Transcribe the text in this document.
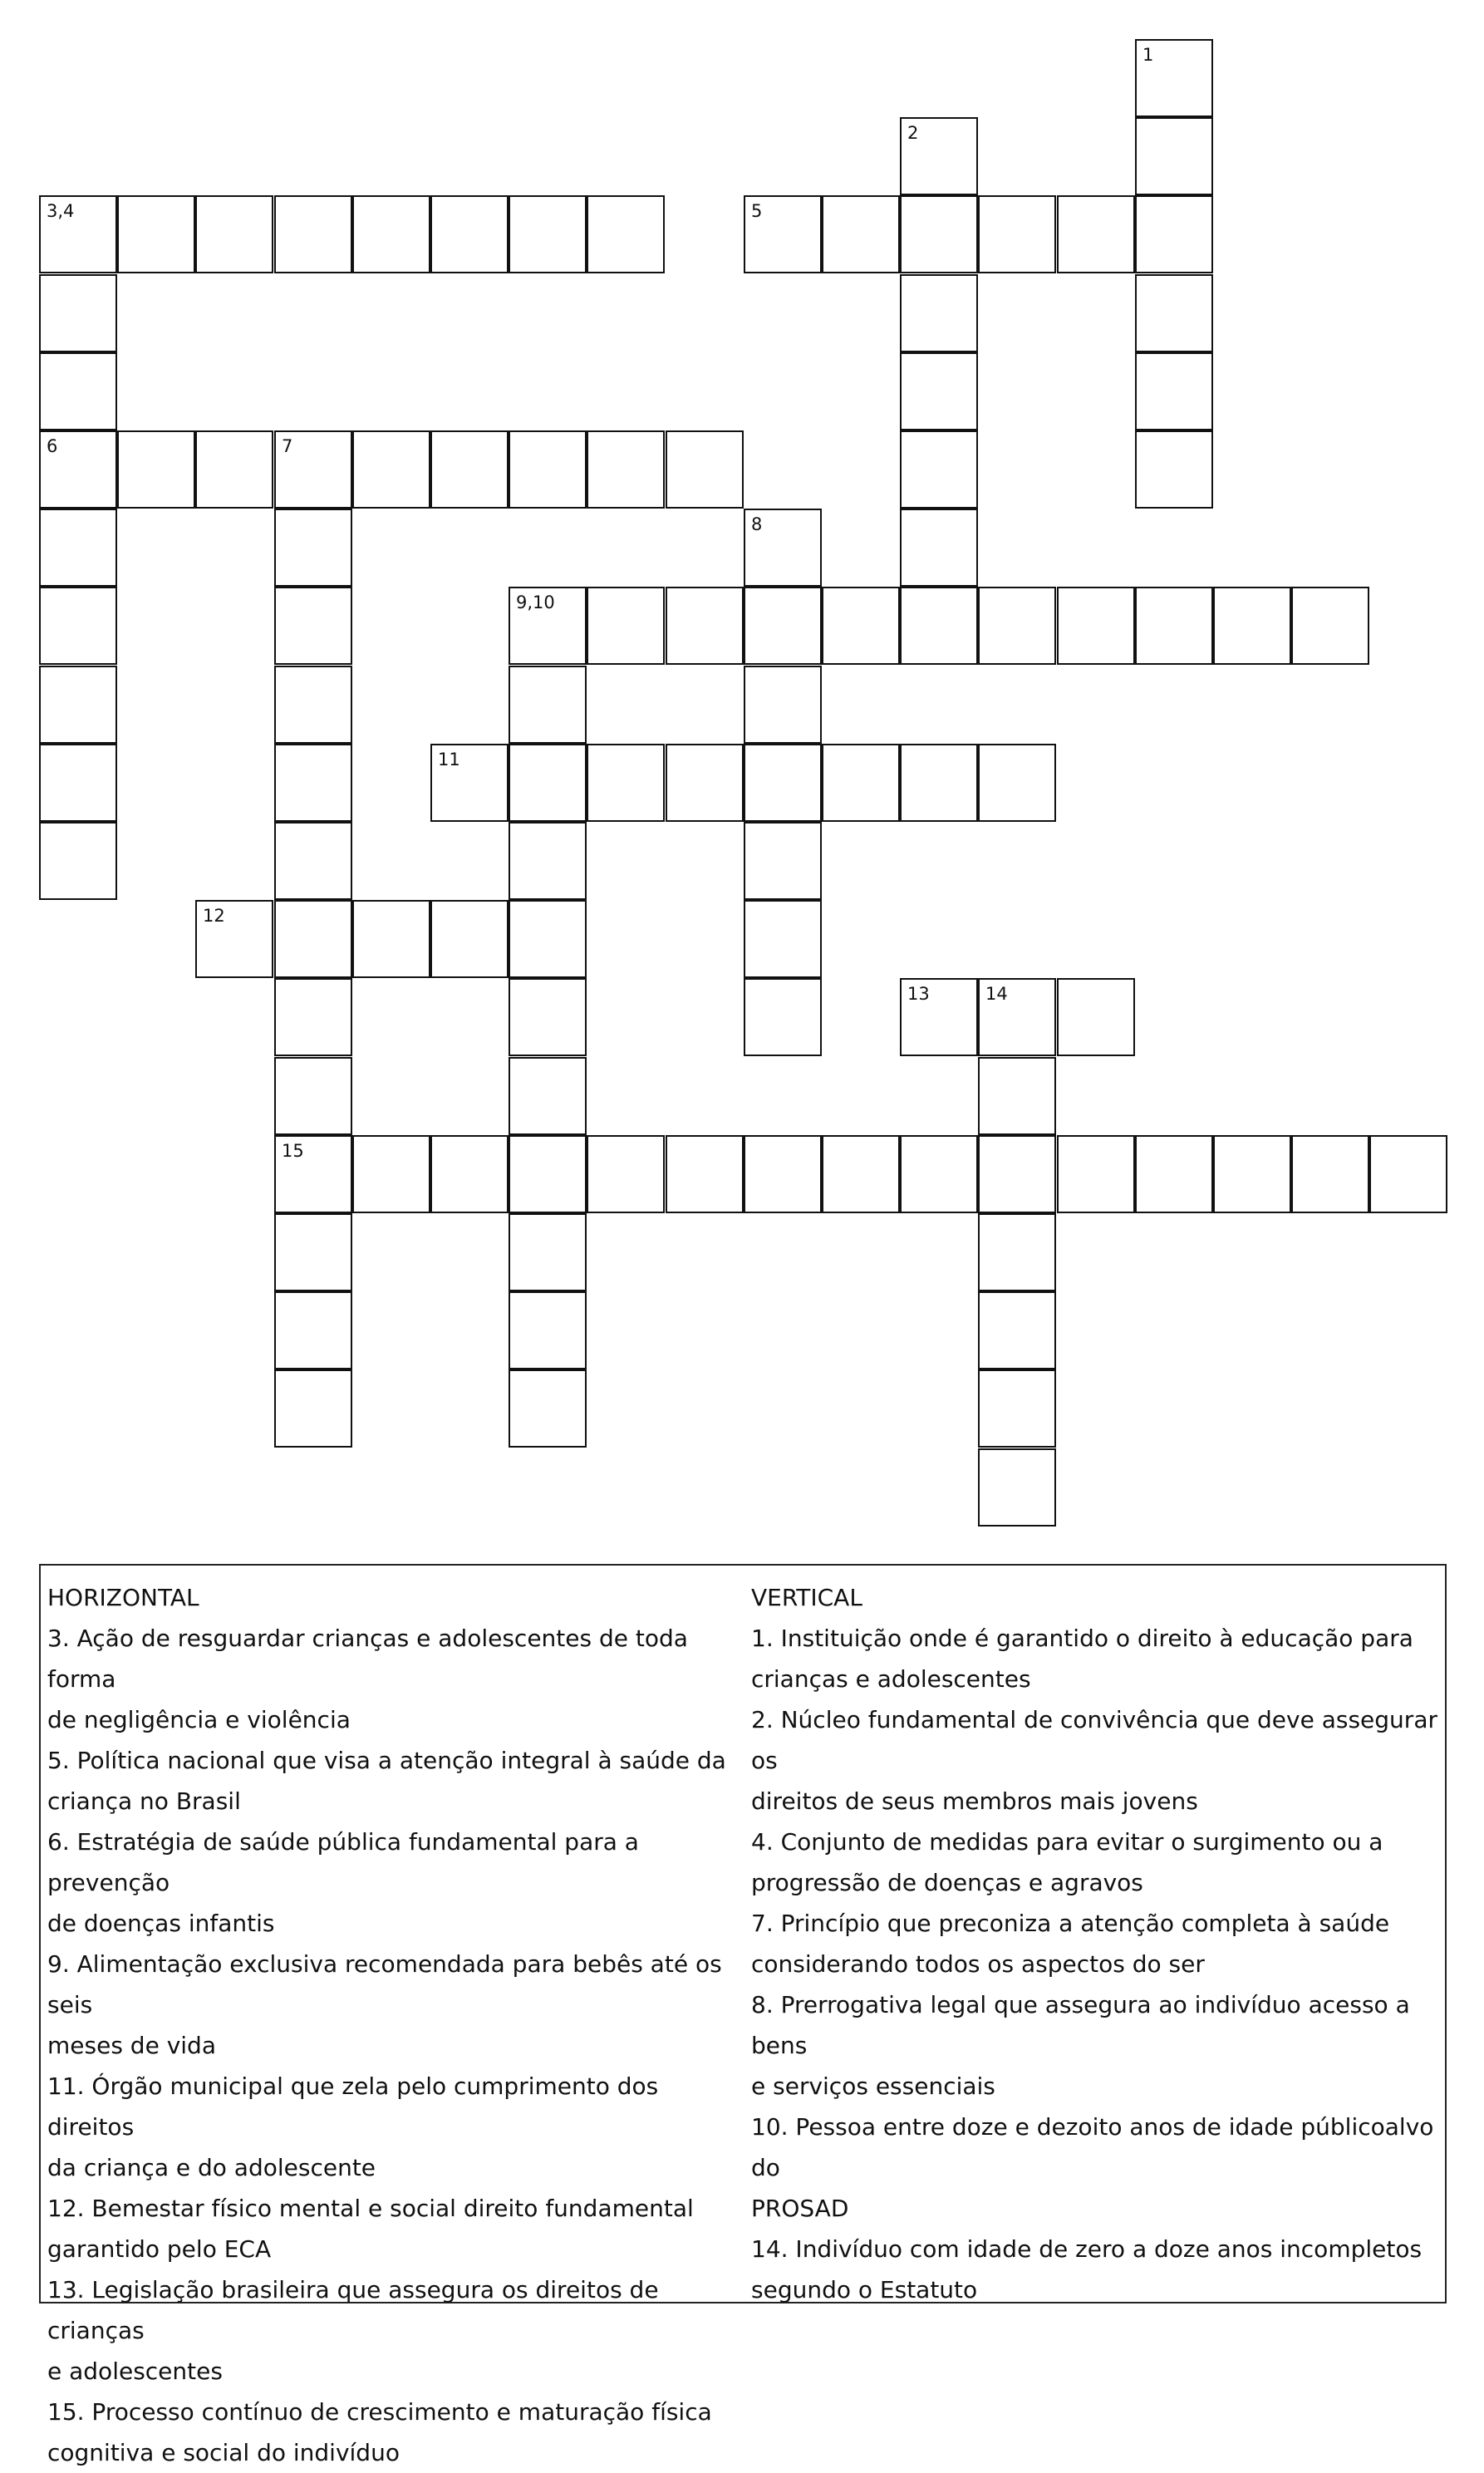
3,4	5
6	7
9,10
11
12
13	14
15
1
2
8
HORIZONTAL
3. Ação de resguardar crianças e adolescentes de toda forma
de negligência e violência
5. Política nacional que visa a atenção integral à saúde da
criança no Brasil
6. Estratégia de saúde pública fundamental para a prevenção
de doenças infantis
9. Alimentação exclusiva recomendada para bebês até os seis
meses de vida
11. Órgão municipal que zela pelo cumprimento dos direitos
da criança e do adolescente
12. Bemestar físico mental e social direito fundamental
garantido pelo ECA
13. Legislação brasileira que assegura os direitos de crianças
e adolescentes
15. Processo contínuo de crescimento e maturação física
cognitiva e social do indivíduo
VERTICAL
1. Instituição onde é garantido o direito à educação para
crianças e adolescentes
2. Núcleo fundamental de convivência que deve assegurar os
direitos de seus membros mais jovens
4. Conjunto de medidas para evitar o surgimento ou a
progressão de doenças e agravos
7. Princípio que preconiza a atenção completa à saúde
considerando todos os aspectos do ser
8. Prerrogativa legal que assegura ao indivíduo acesso a bens
e serviços essenciais
10. Pessoa entre doze e dezoito anos de idade públicoalvo do
PROSAD
14. Indivíduo com idade de zero a doze anos incompletos
segundo o Estatuto
